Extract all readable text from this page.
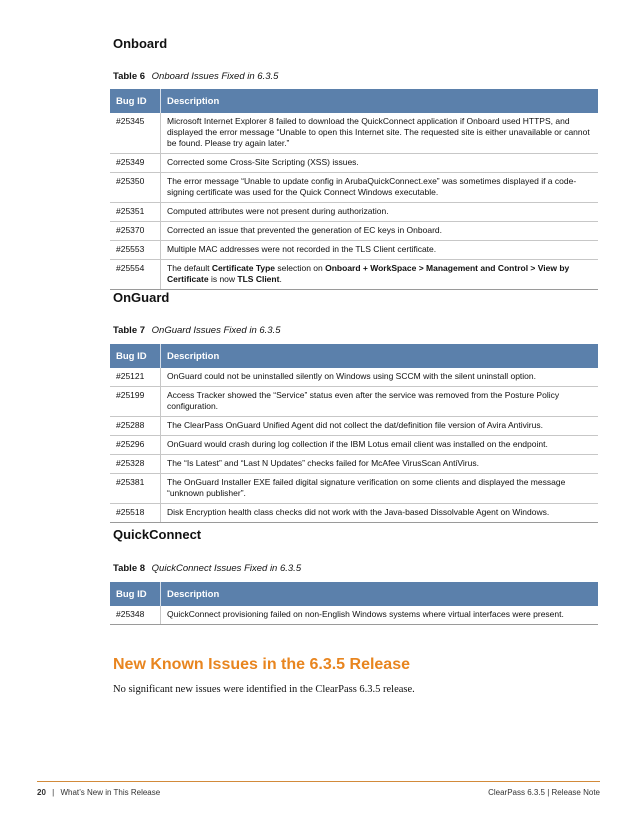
Onboard
Table 6 Onboard Issues Fixed in 6.3.5
Bug ID	Description
#25345	Microsoft Internet Explorer 8 failed to download the QuickConnect application if Onboard used HTTPS, and displayed the error message “Unable to open this Internet site. The requested site is either unavailable or cannot be found. Please try again later.”
#25349	Corrected some Cross-Site Scripting (XSS) issues.
#25350	The error message “Unable to update config in ArubaQuickConnect.exe” was sometimes displayed if a code-signing certificate was used for the Quick Connect Windows executable.
#25351	Computed attributes were not present during authorization.
#25370	Corrected an issue that prevented the generation of EC keys in Onboard.
#25553	Multiple MAC addresses were not recorded in the TLS Client certificate.
#25554	The default Certificate Type selection on Onboard + WorkSpace > Management and Control > View by Certificate is now TLS Client.
OnGuard
Table 7 OnGuard Issues Fixed in 6.3.5
Bug ID	Description
#25121	OnGuard could not be uninstalled silently on Windows using SCCM with the silent uninstall option.
#25199	Access Tracker showed the “Service” status even after the service was removed from the Posture Policy configuration.
#25288	The ClearPass OnGuard Unified Agent did not collect the dat/definition file version of Avira Antivirus.
#25296	OnGuard would crash during log collection if the IBM Lotus email client was installed on the endpoint.
#25328	The “Is Latest” and “Last N Updates” checks failed for McAfee VirusScan AntiVirus.
#25381	The OnGuard Installer EXE failed digital signature verification on some clients and displayed the message “unknown publisher”.
#25518	Disk Encryption health class checks did not work with the Java-based Dissolvable Agent on Windows.
QuickConnect
Table 8 QuickConnect Issues Fixed in 6.3.5
Bug ID	Description
#25348	QuickConnect provisioning failed on non-English Windows systems where virtual interfaces were present.
New Known Issues in the 6.3.5 Release

No significant new issues were identified in the ClearPass 6.3.5 release.

20 | What’s New in This Release	ClearPass 6.3.5 | Release Note
